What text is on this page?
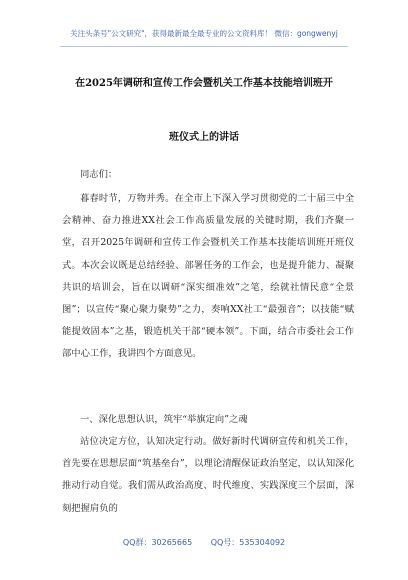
关注头条号"公文研究"，获得最新最全最专业的公文资料库！ 微信：gongwenyj
在2025年调研和宣传工作会暨机关工作基本技能培训班开
班仪式上的讲话
同志们：

暮春时节，万物并秀。在全市上下深入学习贯彻党的二十届三中全会精神、奋力推进XX社会工作高质量发展的关键时期，我们齐聚一堂，召开2025年调研和宣传工作会暨机关工作基本技能培训班开班仪式。本次会议既是总结经验、部署任务的工作会，也是提升能力、凝聚共识的培训会，旨在以调研“深实细准效”之笔，绘就社情民意“全景图”；以宣传“聚心聚力聚势”之力，奏响XX社工“最强音”；以技能“赋能提效固本”之基，锻造机关干部“硬本领”。下面，结合市委社会工作部中心工作，我讲四个方面意见。

一、深化思想认识，筑牢“举旗定向”之魂

站位决定方位，认知决定行动。做好新时代调研宣传和机关工作，首先要在思想层面“筑基垒台”，以理论清醒保证政治坚定，以认知深化推动行动自觉。我们需从政治高度、时代维度、实践深度三个层面，深刻把握肩负的

QQ群：30265665 QQ号：535304092
